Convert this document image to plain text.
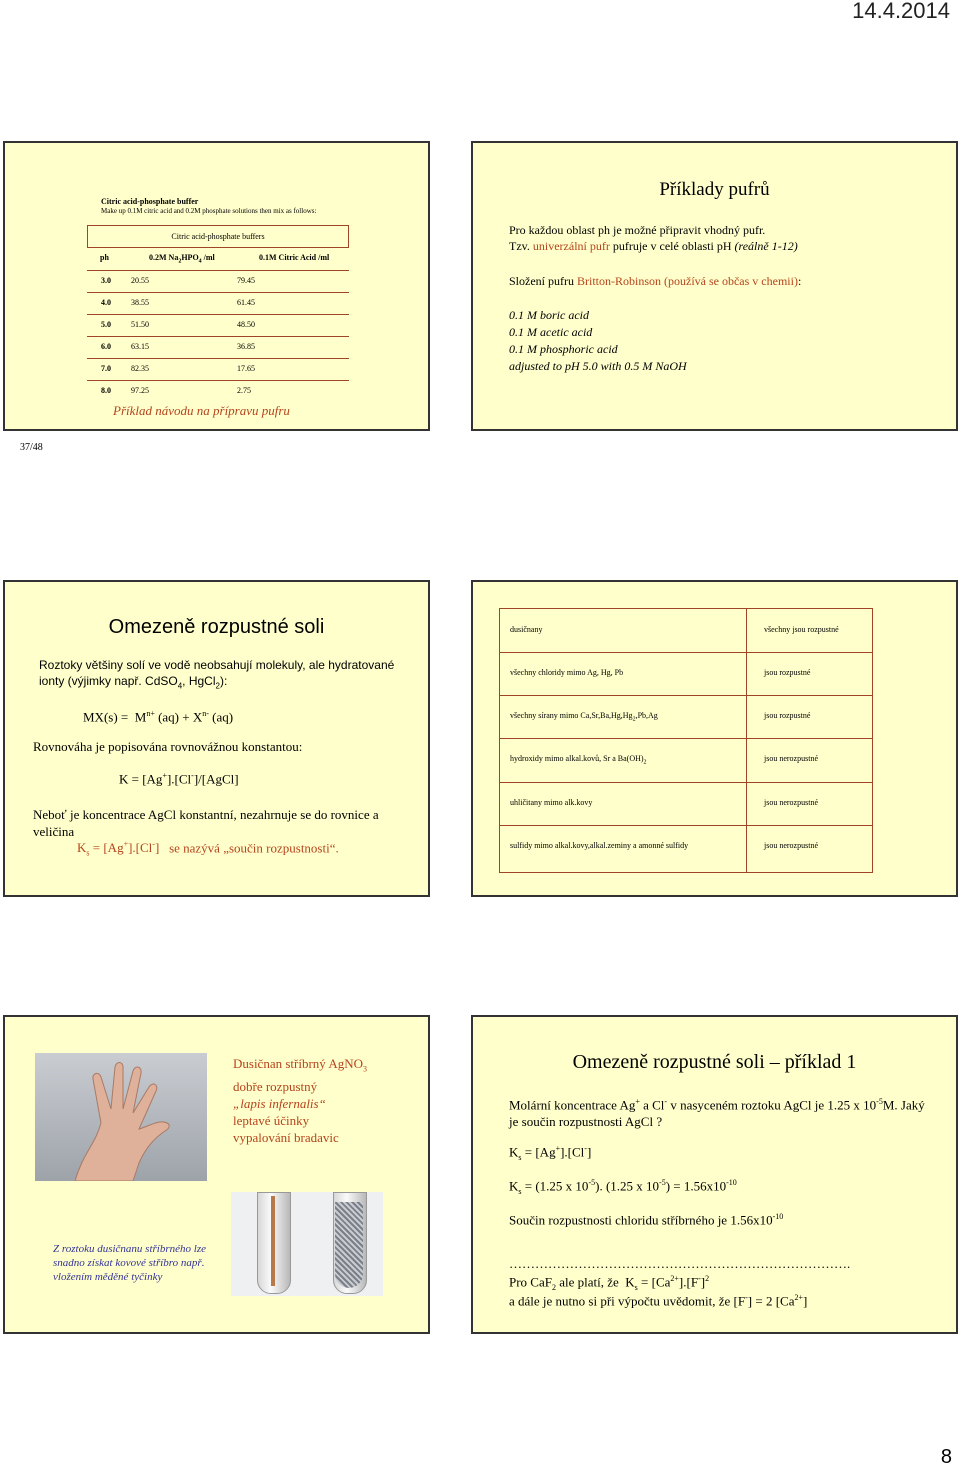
14.4.2014
Citric acid-phosphate buffer
Make up 0.1M citric acid and 0.2M phosphate solutions then mix as follows:
Citric acid-phosphate buffers
ph	0.2M $Na_2HPO_4$ /ml	0.1M Citric Acid /ml
3.0	20.55	79.45
4.0	38.55	61.45
5.0	51.50	48.50
6.0	63.15	36.85
7.0	82.35	17.65
8.0	97.25	2.75
Příklad návodu na přípravu pufru
Příklady pufrů
Pro každou oblast ph je možné připravit vhodný pufr.
Tzv. univerzální pufr pufruje v celé oblasti pH (reálně 1-12)
Složení pufru Britton-Robinson (používá se občas v chemii):
0.1 M boric acid
0.1 M acetic acid
0.1 M phosphoric acid
adjusted to pH 5.0 with 0.5 M NaOH
37/48
Omezeně rozpustné soli
Roztoky většiny solí ve vodě neobsahují molekuly, ale hydratované ionty (výjimky např. CdSO$_4$, HgCl$_2$):
$MX(s) = M^{n+}$ $(aq) + X^{n-}$ (aq)
Rovnováha je popisována rovnovážnou konstantou:
K = [Ag+].[Cl-]/[AgCl]
Neboť je koncentrace AgCl konstantní, nezahrnuje se do rovnice a veličina
$K_s = [Ag^+].[Cl^-]$ se nazývá „součin rozpustnosti“.
dusičnany	všechny jsou rozpustné
všechny chloridy mimo Ag, Hg, Pb	jsou rozpustné
všechny sírany mimo $Ca,Sr,Ba,Hg,Hg_2,Pb,Ag$	jsou rozpustné
hydroxidy mimo alkal.kovů, Sr a $Ba(OH)_2$	jsou nerozpustné
uhličitany mimo alk.kovy	jsou nerozpustné
sulfidy mimo alkal.kovy,alkal.zeminy a amonné sulfidy	jsou nerozpustné
Dusičnan stříbrný AgNO$_3$
dobře rozpustný
„lapis infernalis“
leptavé účinky
vypalování bradavic
Z roztoku dusičnanu stříbrného lze snadno získat kovové stříbro např. vložením měděné tyčinky
Omezeně rozpustné soli – příklad 1
Molární koncentrace Ag+ a Cl- v nasyceném roztoku AgCl je 1.25 x $10^{-5}M$. Jaký je součin rozpustnosti AgCl ?
$K_s = [Ag^+].[Cl^-]$
$K_s = (1.25$ x $10^{-5}$). (1.25 x $10^{-5}) = 1.56x10^{-10}$
Součin rozpustnosti chloridu stříbrného je $1.56x10^{-10}$
…………………………………………………………………….
Pro CaF$_2$ ale platí, že  $K_s = [Ca^{2+}].[F^-]^2$
a dále je nutno si při výpočtu uvědomit, že [F-] = 2 $[Ca^{2+}]$
8
